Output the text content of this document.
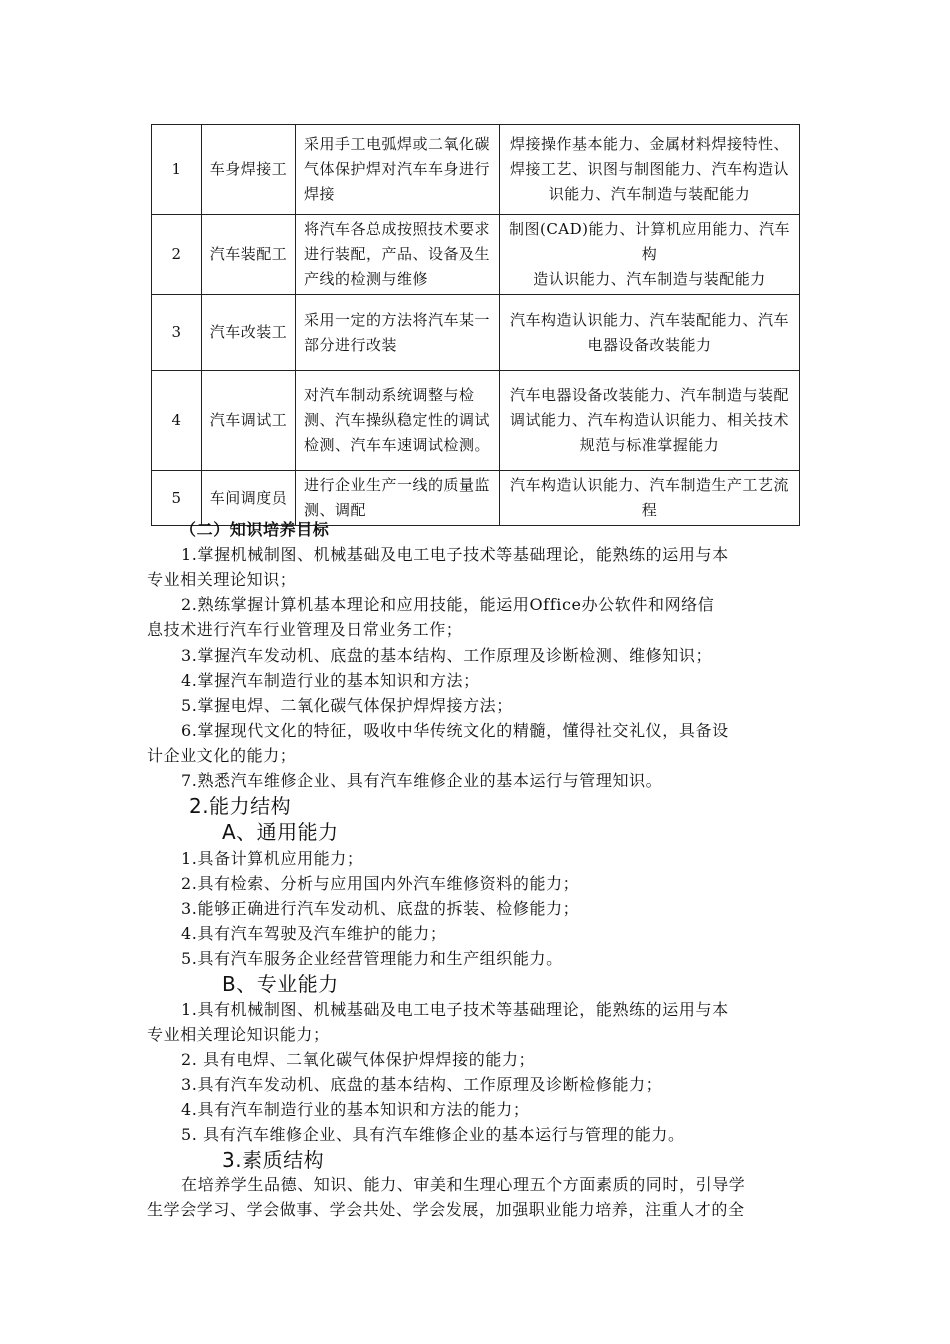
1	车身焊接工	采用手工电弧焊或二氧化碳气体保护焊对汽车车身进行焊接	焊接操作基本能力、金属材料焊接特性、焊接工艺、识图与制图能力、汽车构造认识能力、汽车制造与装配能力
2	汽车装配工	将汽车各总成按照技术要求进行装配，产品、设备及生产线的检测与维修	制图(CAD)能力、计算机应用能力、汽车构
造认识能力、汽车制造与装配能力
3	汽车改装工	采用一定的方法将汽车某一部分进行改装	汽车构造认识能力、汽车装配能力、汽车
电器设备改装能力
4	汽车调试工	对汽车制动系统调整与检测、汽车操纵稳定性的调试检测、汽车车速调试检测。	汽车电器设备改装能力、汽车制造与装配调试能力、汽车构造认识能力、相关技术规范与标准掌握能力
5	车间调度员	进行企业生产一线的质量监测、调配	汽车构造认识能力、汽车制造生产工艺流程
（二）知识培养目标
1.掌握机械制图、机械基础及电工电子技术等基础理论，能熟练的运用与本
专业相关理论知识；
2.熟练掌握计算机基本理论和应用技能，能运用Office办公软件和网络信
息技术进行汽车行业管理及日常业务工作；
3.掌握汽车发动机、底盘的基本结构、工作原理及诊断检测、维修知识；
4.掌握汽车制造行业的基本知识和方法；
5.掌握电焊、二氧化碳气体保护焊焊接方法；
6.掌握现代文化的特征，吸收中华传统文化的精髓，懂得社交礼仪，具备设
计企业文化的能力；
7.熟悉汽车维修企业、具有汽车维修企业的基本运行与管理知识。
2.能力结构
A、通用能力
1.具备计算机应用能力；
2.具有检索、分析与应用国内外汽车维修资料的能力；
3.能够正确进行汽车发动机、底盘的拆装、检修能力；
4.具有汽车驾驶及汽车维护的能力；
5.具有汽车服务企业经营管理能力和生产组织能力。
B、专业能力
1.具有机械制图、机械基础及电工电子技术等基础理论，能熟练的运用与本
专业相关理论知识能力；
2. 具有电焊、二氧化碳气体保护焊焊接的能力；
3.具有汽车发动机、底盘的基本结构、工作原理及诊断检修能力；
4.具有汽车制造行业的基本知识和方法的能力；
5. 具有汽车维修企业、具有汽车维修企业的基本运行与管理的能力。
3.素质结构
在培养学生品德、知识、能力、审美和生理心理五个方面素质的同时，引导学
生学会学习、学会做事、学会共处、学会发展，加强职业能力培养，注重人才的全
